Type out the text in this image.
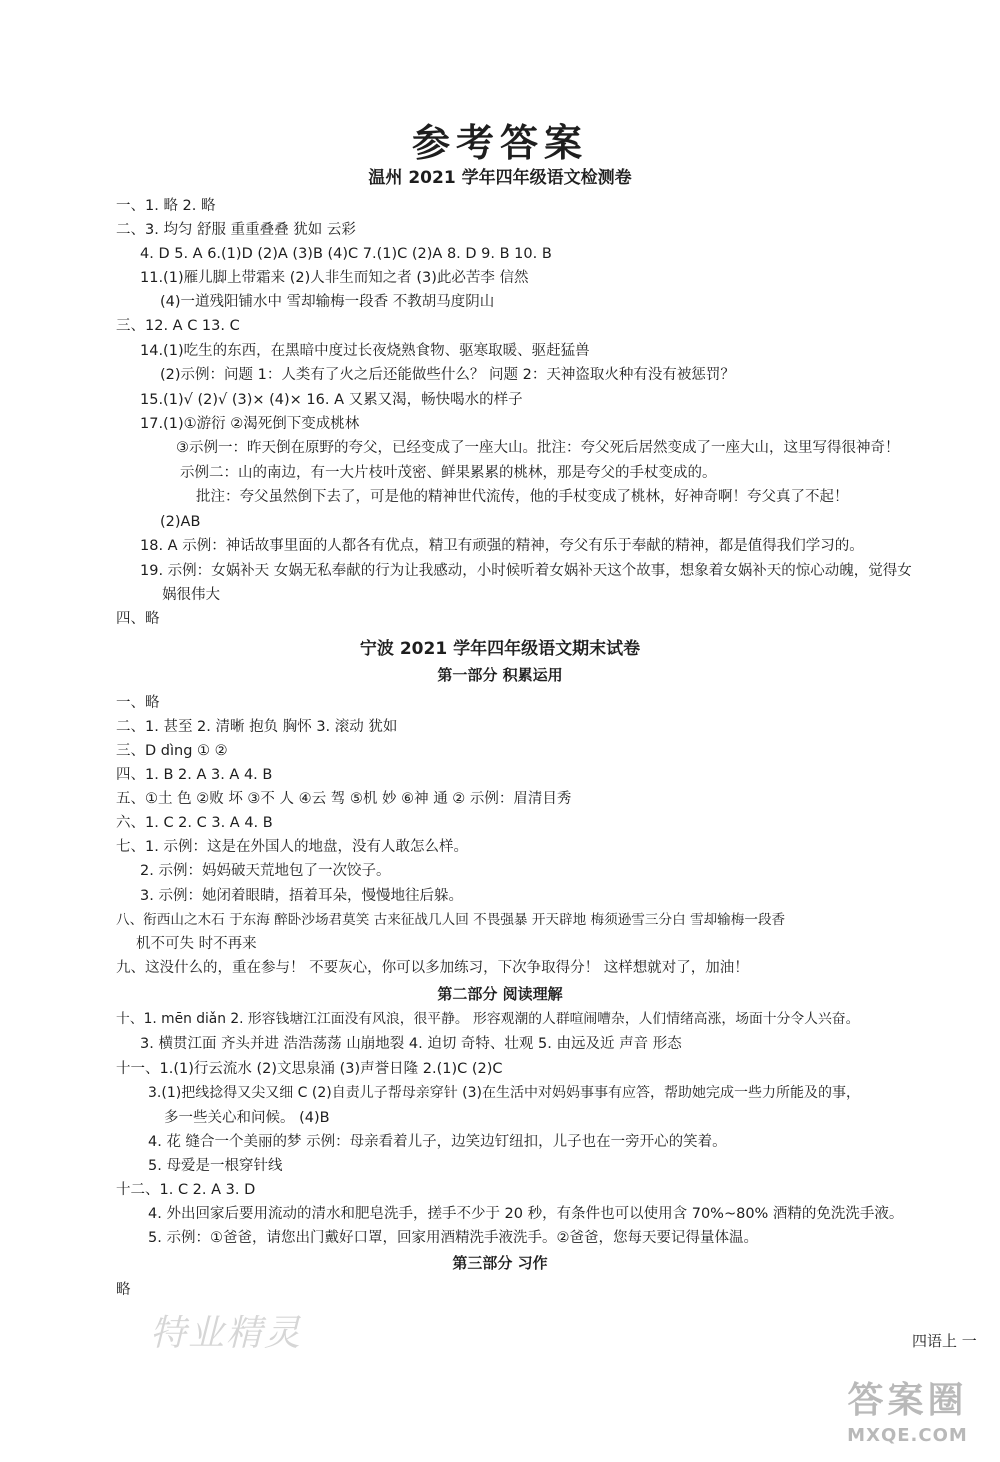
参考答案
温州 2021 学年四年级语文检测卷
一、1. 略 2. 略
二、3. 均匀 舒服 重重叠叠 犹如 云彩
4. D 5. A 6.(1)D (2)A (3)B (4)C 7.(1)C (2)A 8. D 9. B 10. B
11.(1)雁儿脚上带霜来 (2)人非生而知之者 (3)此必苦李 信然
(4)一道残阳铺水中 雪却输梅一段香 不教胡马度阴山
三、12. A C 13. C
14.(1)吃生的东西，在黑暗中度过长夜烧熟食物、驱寒取暖、驱赶猛兽
(2)示例：问题 1：人类有了火之后还能做些什么？ 问题 2：天神盗取火种有没有被惩罚？
15.(1)√ (2)√ (3)× (4)× 16. A 又累又渴，畅快喝水的样子
17.(1)①游衍 ②渴死倒下变成桃林
③示例一：昨天倒在原野的夸父，已经变成了一座大山。批注：夸父死后居然变成了一座大山，这里写得很神奇！
示例二：山的南边，有一大片枝叶茂密、鲜果累累的桃林，那是夸父的手杖变成的。
批注：夸父虽然倒下去了，可是他的精神世代流传，他的手杖变成了桃林，好神奇啊！夸父真了不起！
(2)AB
18. A 示例：神话故事里面的人都各有优点，精卫有顽强的精神，夸父有乐于奉献的精神，都是值得我们学习的。
19. 示例：女娲补天 女娲无私奉献的行为让我感动，小时候听着女娲补天这个故事，想象着女娲补天的惊心动魄，觉得女
娲很伟大
四、略
宁波 2021 学年四年级语文期末试卷
第一部分 积累运用
一、略
二、1. 甚至 2. 清晰 抱负 胸怀 3. 滚动 犹如
三、D dìng ① ②
四、1. B 2. A 3. A 4. B
五、①土 色 ②败 坏 ③不 人 ④云 驾 ⑤机 妙 ⑥神 通 ② 示例：眉清目秀
六、1. C 2. C 3. A 4. B
七、1. 示例：这是在外国人的地盘，没有人敢怎么样。
2. 示例：妈妈破天荒地包了一次饺子。
3. 示例：她闭着眼睛，捂着耳朵，慢慢地往后躲。
八、衔西山之木石 于东海 醉卧沙场君莫笑 古来征战几人回 不畏强暴 开天辟地 梅须逊雪三分白 雪却输梅一段香
机不可失 时不再来
九、这没什么的，重在参与！ 不要灰心，你可以多加练习，下次争取得分！ 这样想就对了，加油！
第二部分 阅读理解
十、1. mēn diǎn 2. 形容钱塘江江面没有风浪，很平静。 形容观潮的人群喧闹嘈杂，人们情绪高涨，场面十分令人兴奋。
3. 横贯江面 齐头并进 浩浩荡荡 山崩地裂 4. 迫切 奇特、壮观 5. 由远及近 声音 形态
十一、1.(1)行云流水 (2)文思泉涌 (3)声誉日隆 2.(1)C (2)C
3.(1)把线捻得又尖又细 C (2)自责儿子帮母亲穿针 (3)在生活中对妈妈事事有应答，帮助她完成一些力所能及的事，
多一些关心和问候。 (4)B
4. 花 缝合一个美丽的梦 示例：母亲看着儿子，边笑边钉纽扣，儿子也在一旁开心的笑着。
5. 母爱是一根穿针线
十二、1. C 2. A 3. D
4. 外出回家后要用流动的清水和肥皂洗手，搓手不少于 20 秒，有条件也可以使用含 70%~80% 酒精的免洗洗手液。
5. 示例：①爸爸，请您出门戴好口罩，回家用酒精洗手液洗手。②爸爸，您每天要记得量体温。
第三部分 习作
略
特业精灵	四语上 一
答案圈
MXQE.COM
